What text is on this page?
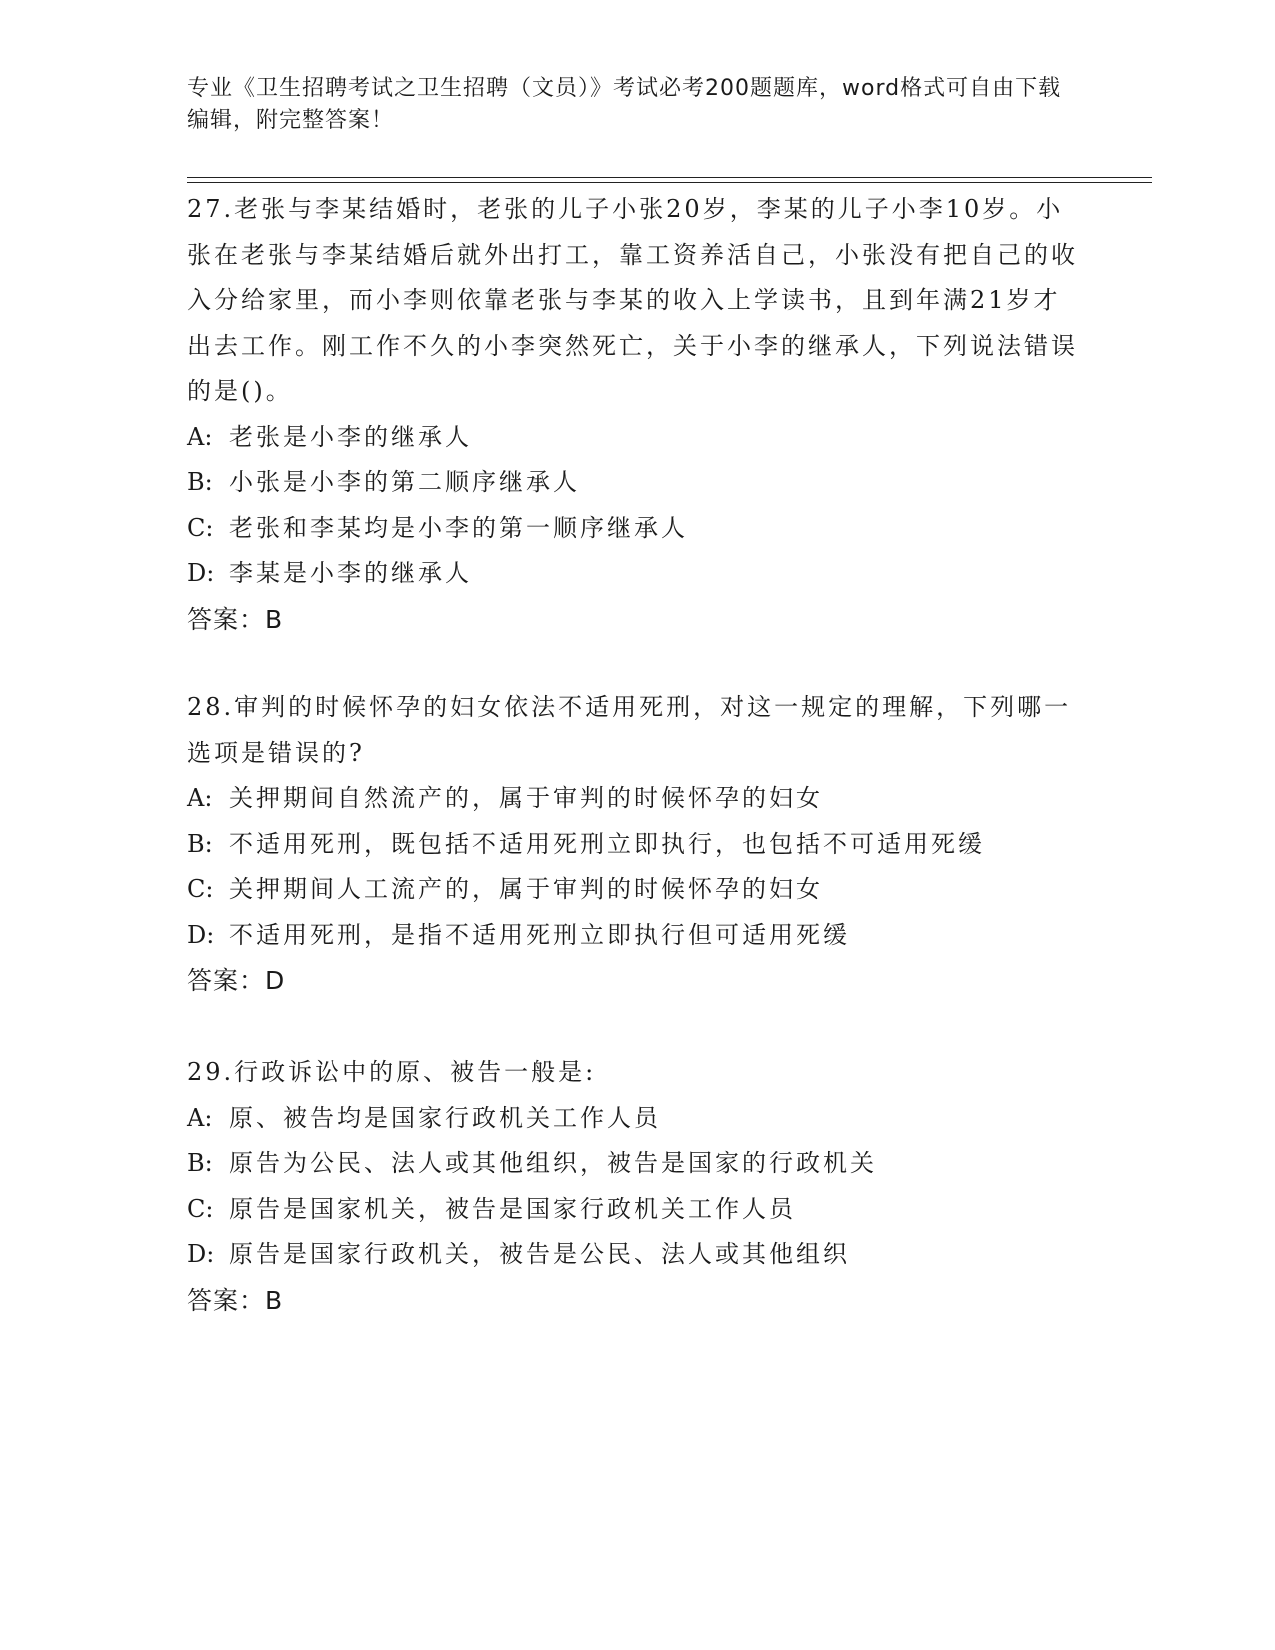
专业《卫生招聘考试之卫生招聘（文员）》考试必考200题题库，word格式可自由下载编辑，附完整答案！
27.老张与李某结婚时，老张的儿子小张20岁，李某的儿子小李10岁。小张在老张与李某结婚后就外出打工，靠工资养活自己，小张没有把自己的收入分给家里，而小李则依靠老张与李某的收入上学读书，且到年满21岁才出去工作。刚工作不久的小李突然死亡，关于小李的继承人，下列说法错误的是()。
A: 老张是小李的继承人
B: 小张是小李的第二顺序继承人
C: 老张和李某均是小李的第一顺序继承人
D: 李某是小李的继承人
答案：B
28.审判的时候怀孕的妇女依法不适用死刑，对这一规定的理解，下列哪一选项是错误的?
A: 关押期间自然流产的，属于审判的时候怀孕的妇女
B: 不适用死刑，既包括不适用死刑立即执行，也包括不可适用死缓
C: 关押期间人工流产的，属于审判的时候怀孕的妇女
D: 不适用死刑，是指不适用死刑立即执行但可适用死缓
答案：D
29.行政诉讼中的原、被告一般是:
A: 原、被告均是国家行政机关工作人员
B: 原告为公民、法人或其他组织，被告是国家的行政机关
C: 原告是国家机关，被告是国家行政机关工作人员
D: 原告是国家行政机关，被告是公民、法人或其他组织
答案：B
